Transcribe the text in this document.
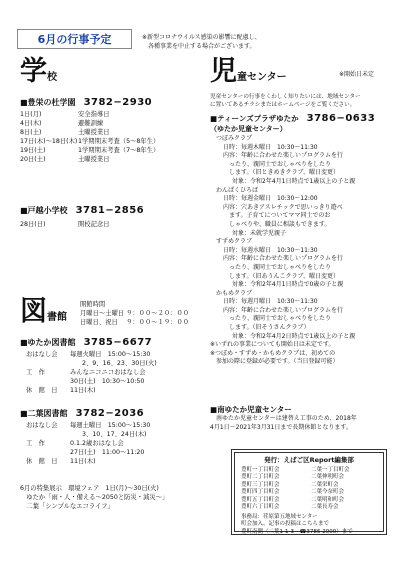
6月の行事予定	※新型コロナウイルス感染の影響に配慮し、
　各種事業を中止する場合がございます。
学校
■豊栄の杜学園 3782−2930
1日(月)	安全指導日
4日(木)	避難訓練
8日(土)	土曜授業日
17日(木)〜18日(木) 1学期期末考査（5〜8年生）
19日(土)	1学期期末考査（7〜8年生）
20日(土)	土曜授業日
■戸越小学校 3781−2856
28日(日)	開校記念日
図書館
開館時間
月曜日〜土曜日 ９：００〜２０：００
日曜日、祝日　 ９：００〜１９：００
■ゆたか図書館 3785−6677
おはなし会	毎週火曜日　15:00〜15:30
2、9、16、23、30日(火)
工　作	みんなニコニコおはなし会
30日(土)　10:30〜10:50
休　館　日	11日(木)
■二葉図書館 3782−2036
おはなし会	毎週土曜日　15:00〜15:30
3、10、17、24日(木)
工　作	0.1.2歳おはなし会
27日(土)　11:00〜11:20
休　館　日	11日(木)
6月の特集展示　環境フェア　1日(月)〜30日(火)
　ゆたか「雨・人・備える〜2050と防災・減災〜」
　二葉「シンプルなエコライフ」
児童センター	※開始日未定
児童センターの行事をくわしく知りたいには、地域センター
に置いてあるチラシまたはホームページをご覧ください。
■ティーンズプラザゆたか 3786−0633
（ゆたか児童センター）
つぼみクラブ
日時：毎週木曜日　10:30〜11:30
内容：年齢に合わせた楽しいプログラムを行
　ったり、親同士でおしゃべりをしたり
　します。（旧ときめきクラブ、曜日変更）
対象：令和2年4月1日時点で1歳以上の子と親
わんぱくひろば
日時：毎週金曜日　10:30〜12:00
内容：穴あきアスレチックで思いっきり遊べ
　ます。子育てについてママ同士でのお
　しゃべりや、職員に相談もできます。
対象：未就学児親子
すずめクラブ
日時：毎週水曜日　10:30〜11:30
内容：年齢に合わせた楽しいプログラムを行
　ったり、親同士でおしゃべりをしたり
　します。（旧あうんこクラブ、曜日変更）
対象：令和2年4月1日時点で0歳の子と親
かもめクラブ
日時：毎週月曜日　10:30〜11:30
内容：年齢に合わせた楽しいプログラムを行
　ったり、親同士でおしゃべりをしたり
　します。（旧そうさんクラブ）
対象：令和2年4月2日時点で1歳以上の子と親
※いずれの事業についても開始日は未定です。
※つぼめ・すずめ・かもめクラブは、初めての
　参加の際に登録が必要です。（当日登録可能）
■南ゆたか児童センター
南ゆたか児童センターは建替え工事のため、2018年
4月1日〜2021年3月31日まで長期休館となります。
発行：えばご区Report編集部
豊町一丁目町会	二葉一丁目町会
豊町二丁目町会	二葉伸明町会
豊町三丁目町会	二葉栄町会
豊町四丁目町会	二葉今奈町会
豊町五丁目町会	二葉明和町会
豊町六丁目町会	二葉長寿会
事務局：荏原第五地域センター
町会加入、記事の投稿はこちらまで
豊町南側（二葉1-1-3　☎3786-2000）まで
